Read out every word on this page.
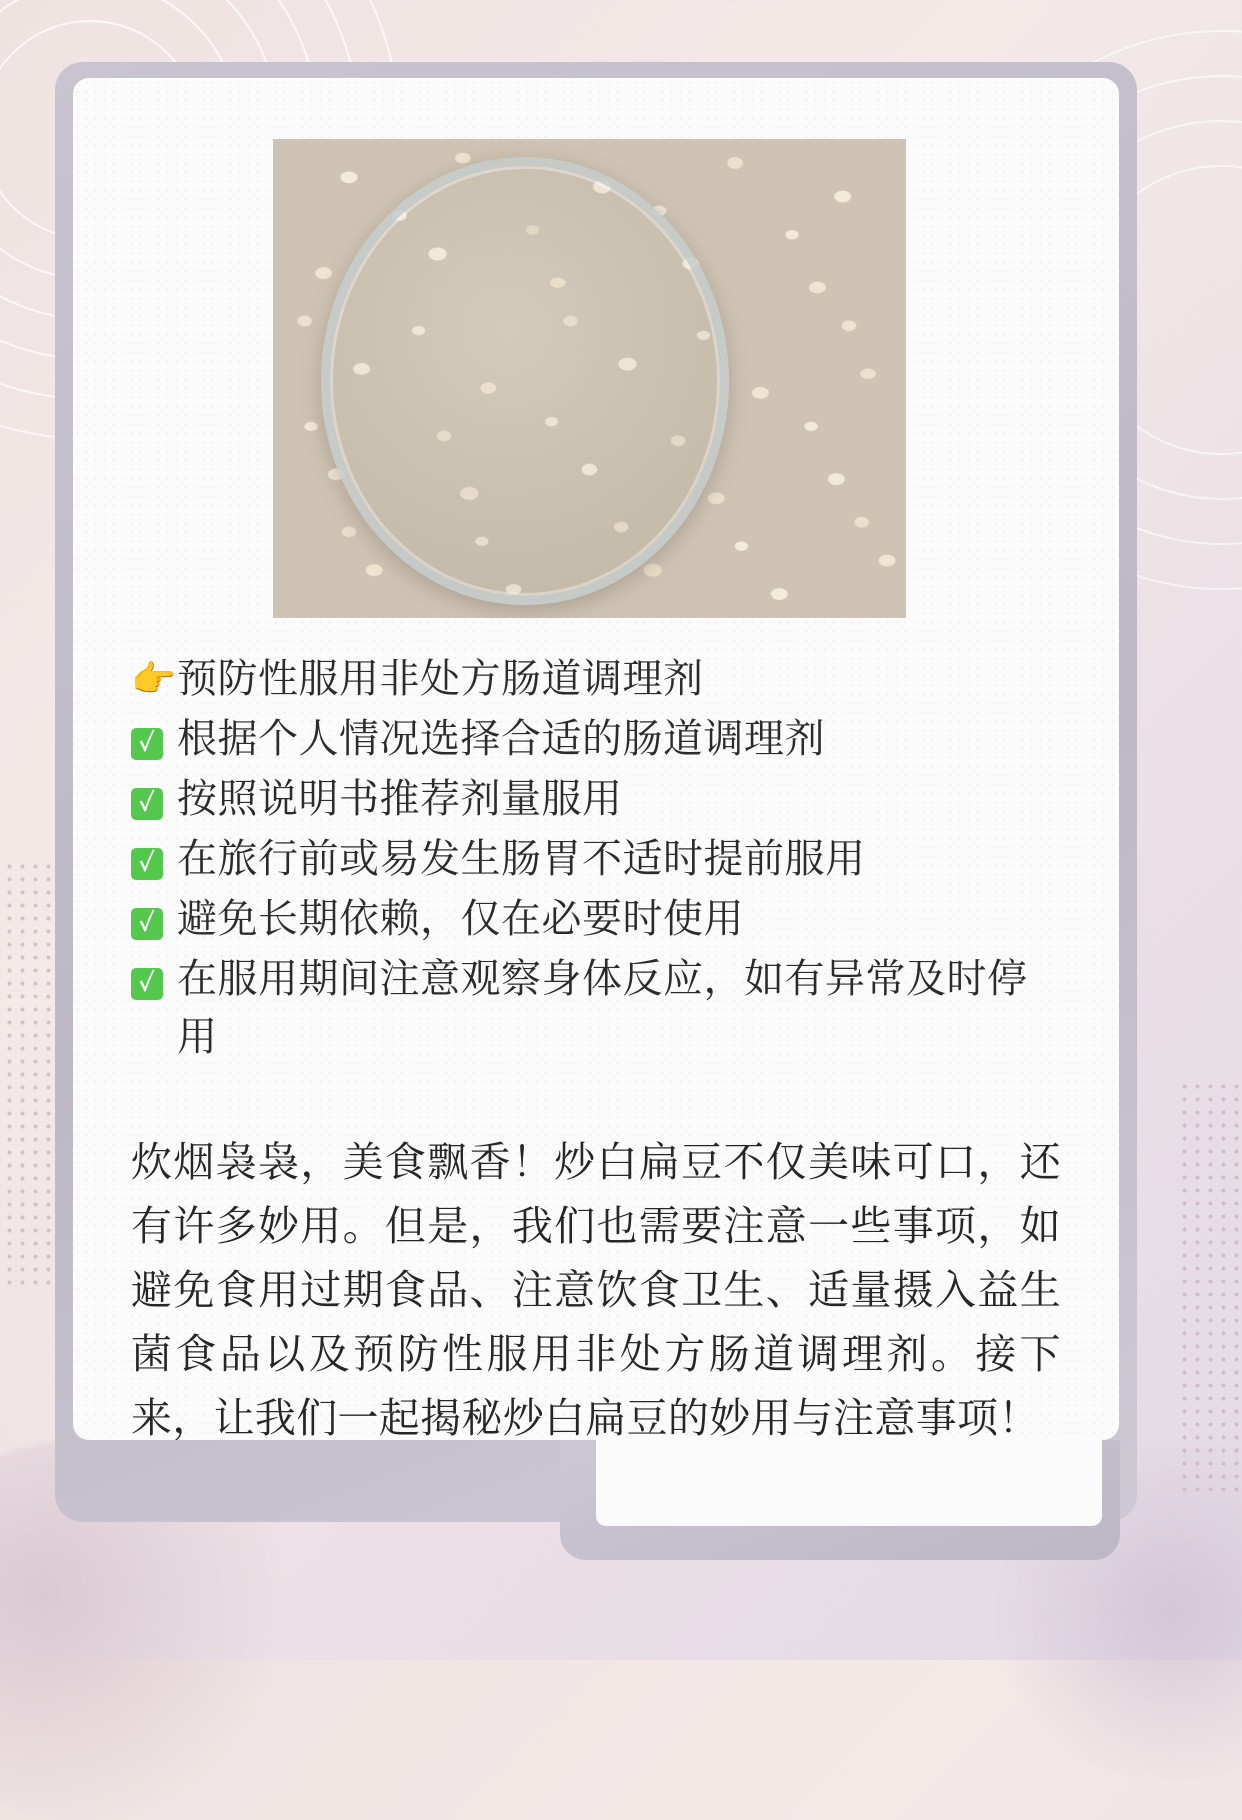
👉 预防性服用非处方肠道调理剂
✓ 根据个人情况选择合适的肠道调理剂
✓ 按照说明书推荐剂量服用
✓ 在旅行前或易发生肠胃不适时提前服用
✓ 避免长期依赖，仅在必要时使用
✓ 在服用期间注意观察身体反应，如有异常及时停用

炊烟袅袅，美食飘香！炒白扁豆不仅美味可口，还有许多妙用。但是，我们也需要注意一些事项，如避免食用过期食品、注意饮食卫生、适量摄入益生菌食品以及预防性服用非处方肠道调理剂。接下来，让我们一起揭秘炒白扁豆的妙用与注意事项！
